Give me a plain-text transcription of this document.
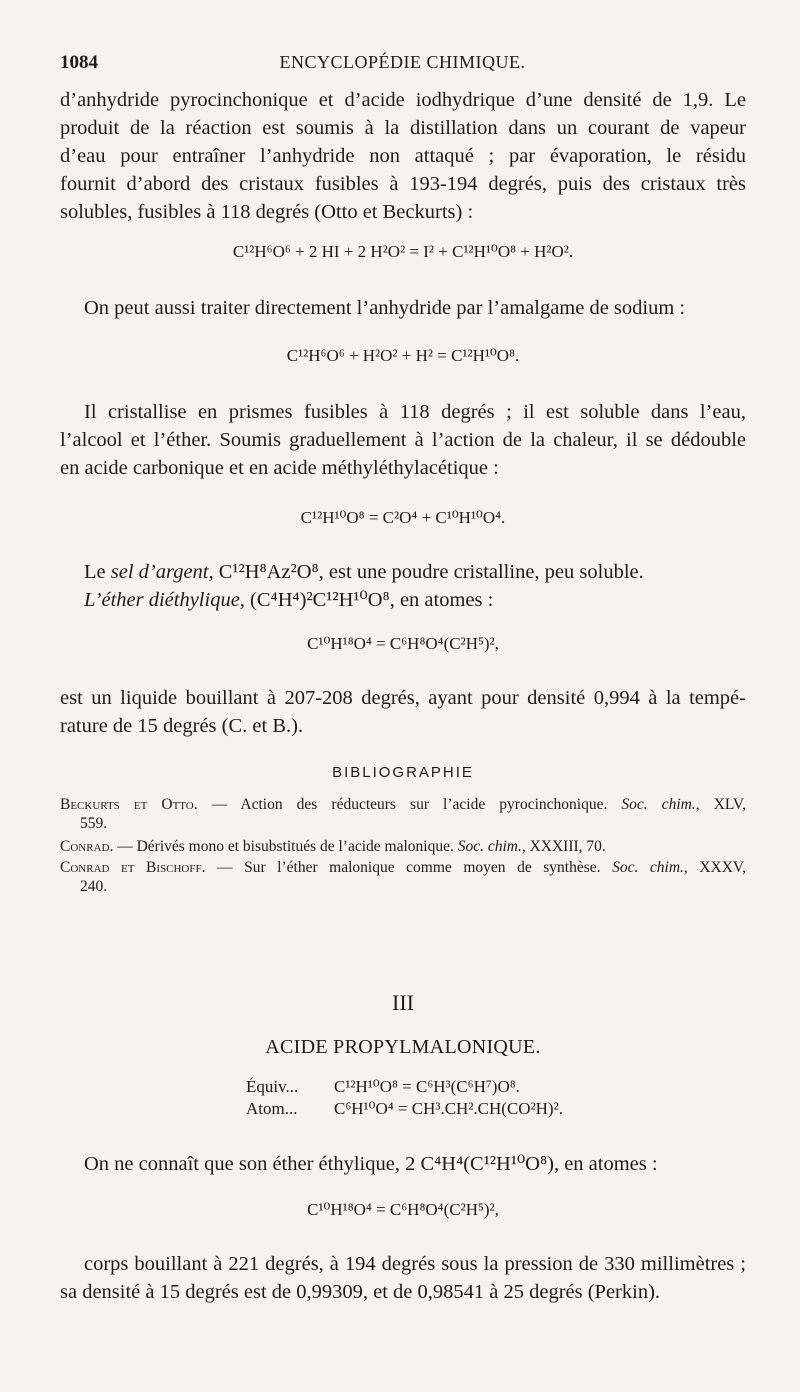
1084	ENCYCLOPÉDIE CHIMIQUE.
d’anhydride pyrocinchonique et d’acide iodhydrique d’une densité de 1,9. Le
produit de la réaction est soumis à la distillation dans un courant de vapeur
d’eau pour entraîner l’anhydride non attaqué ; par évaporation, le résidu
fournit d’abord des cristaux fusibles à 193-194 degrés, puis des cristaux très
solubles, fusibles à 118 degrés (Otto et Beckurts) :
C¹²H⁶O⁶ + 2 HI + 2 H²O² = I² + C¹²H¹⁰O⁸ + H²O².
On peut aussi traiter directement l’anhydride par l’amalgame de sodium :
C¹²H⁶O⁶ + H²O² + H² = C¹²H¹⁰O⁸.
Il cristallise en prismes fusibles à 118 degrés ; il est soluble dans l’eau,
l’alcool et l’éther. Soumis graduellement à l’action de la chaleur, il se dédouble
en acide carbonique et en acide méthyléthylacétique :
C¹²H¹⁰O⁸ = C²O⁴ + C¹⁰H¹⁰O⁴.
Le sel d’argent, C¹²H⁸Az²O⁸, est une poudre cristalline, peu soluble.
L’éther diéthylique, (C⁴H⁴)²C¹²H¹⁰O⁸, en atomes :
C¹⁰H¹⁸O⁴ = C⁶H⁸O⁴(C²H⁵)²,
est un liquide bouillant à 207-208 degrés, ayant pour densité 0,994 à la tempé-
rature de 15 degrés (C. et B.).
BIBLIOGRAPHIE
Beckurts et Otto. — Action des réducteurs sur l’acide pyrocinchonique. Soc. chim., XLV,
559.
Conrad. — Dérivés mono et bisubstitués de l’acide malonique. Soc. chim., XXXIII, 70.
Conrad et Bischoff. — Sur l’éther malonique comme moyen de synthèse. Soc. chim., XXXV,
240.
III
ACIDE PROPYLMALONIQUE.
Équiv... C¹²H¹⁰O⁸ = C⁶H³(C⁶H⁷)O⁸.
Atom... C⁶H¹⁰O⁴ = CH³.CH².CH(CO²H)².
On ne connaît que son éther éthylique, 2 C⁴H⁴(C¹²H¹⁰O⁸), en atomes :
C¹⁰H¹⁸O⁴ = C⁶H⁸O⁴(C²H⁵)²,
corps bouillant à 221 degrés, à 194 degrés sous la pression de 330 millimètres ;
sa densité à 15 degrés est de 0,99309, et de 0,98541 à 25 degrés (Perkin).
